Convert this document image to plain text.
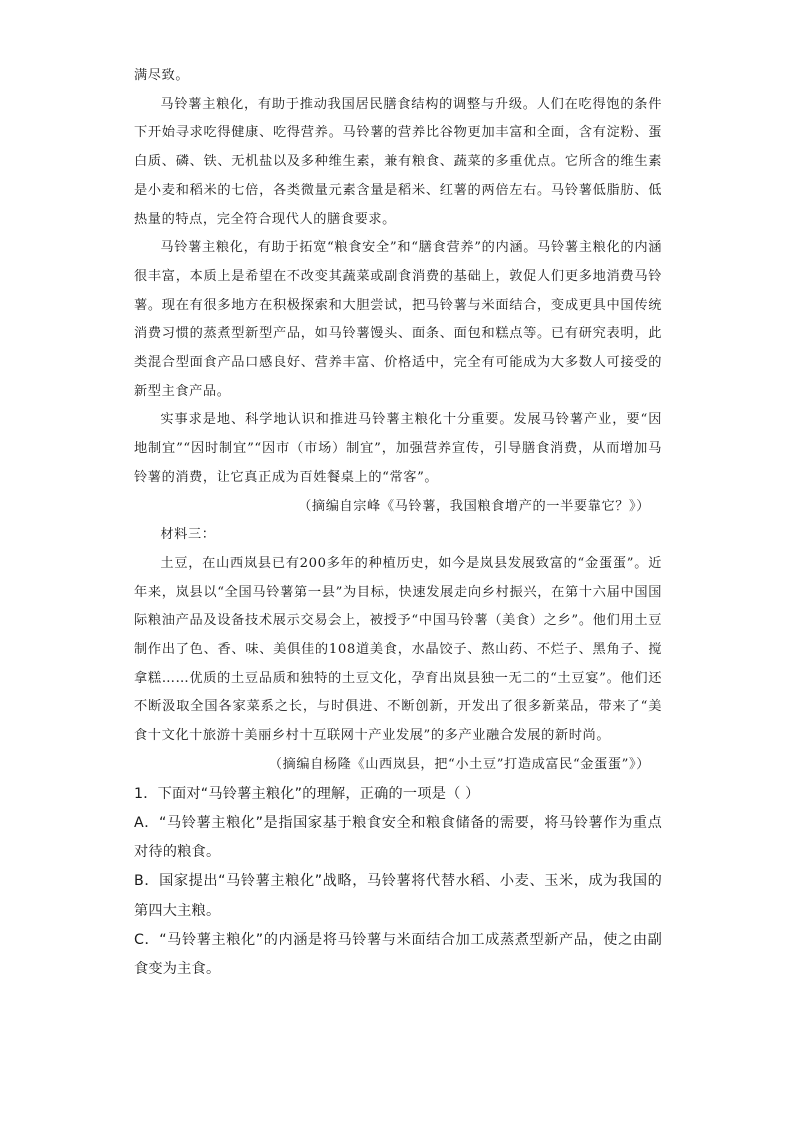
满尽致。

马铃薯主粮化，有助于推动我国居民膳食结构的调整与升级。人们在吃得饱的条件下开始寻求吃得健康、吃得营养。马铃薯的营养比谷物更加丰富和全面，含有淀粉、蛋白质、磷、铁、无机盐以及多种维生素，兼有粮食、蔬菜的多重优点。它所含的维生素是小麦和稻米的七倍，各类微量元素含量是稻米、红薯的两倍左右。马铃薯低脂肪、低热量的特点，完全符合现代人的膳食要求。

马铃薯主粮化，有助于拓宽“粮食安全”和“膳食营养”的内涵。马铃薯主粮化的内涵很丰富，本质上是希望在不改变其蔬菜或副食消费的基础上，敦促人们更多地消费马铃薯。现在有很多地方在积极探索和大胆尝试，把马铃薯与米面结合，变成更具中国传统消费习惯的蒸煮型新型产品，如马铃薯馒头、面条、面包和糕点等。已有研究表明，此类混合型面食产品口感良好、营养丰富、价格适中，完全有可能成为大多数人可接受的新型主食产品。

实事求是地、科学地认识和推进马铃薯主粮化十分重要。发展马铃薯产业，要“因地制宜”“因时制宜”“因市（市场）制宜”，加强营养宣传，引导膳食消费，从而增加马铃薯的消费，让它真正成为百姓餐桌上的“常客”。

（摘编自宗峰《马铃薯，我国粮食增产的一半要靠它？》）

材料三：

土豆，在山西岚县已有200多年的种植历史，如今是岚县发展致富的“金蛋蛋”。近年来，岚县以“全国马铃薯第一县”为目标，快速发展走向乡村振兴，在第十六届中国国际粮油产品及设备技术展示交易会上，被授予“中国马铃薯（美食）之乡”。他们用土豆制作出了色、香、味、美俱佳的108道美食，水晶饺子、熬山药、不烂子、黑角子、搅拿糕……优质的土豆品质和独特的土豆文化，孕育出岚县独一无二的“土豆宴”。他们还不断汲取全国各家菜系之长，与时俱进、不断创新，开发出了很多新菜品，带来了“美食十文化十旅游十美丽乡村十互联网十产业发展”的多产业融合发展的新时尚。

（摘编自杨隆《山西岚县，把“小土豆”打造成富民“金蛋蛋”》）

1．下面对“马铃薯主粮化”的理解，正确的一项是（ ）

A．“马铃薯主粮化”是指国家基于粮食安全和粮食储备的需要，将马铃薯作为重点对待的粮食。

B．国家提出“马铃薯主粮化”战略，马铃薯将代替水稻、小麦、玉米，成为我国的第四大主粮。

C．“马铃薯主粮化”的内涵是将马铃薯与米面结合加工成蒸煮型新产品，使之由副食变为主食。
